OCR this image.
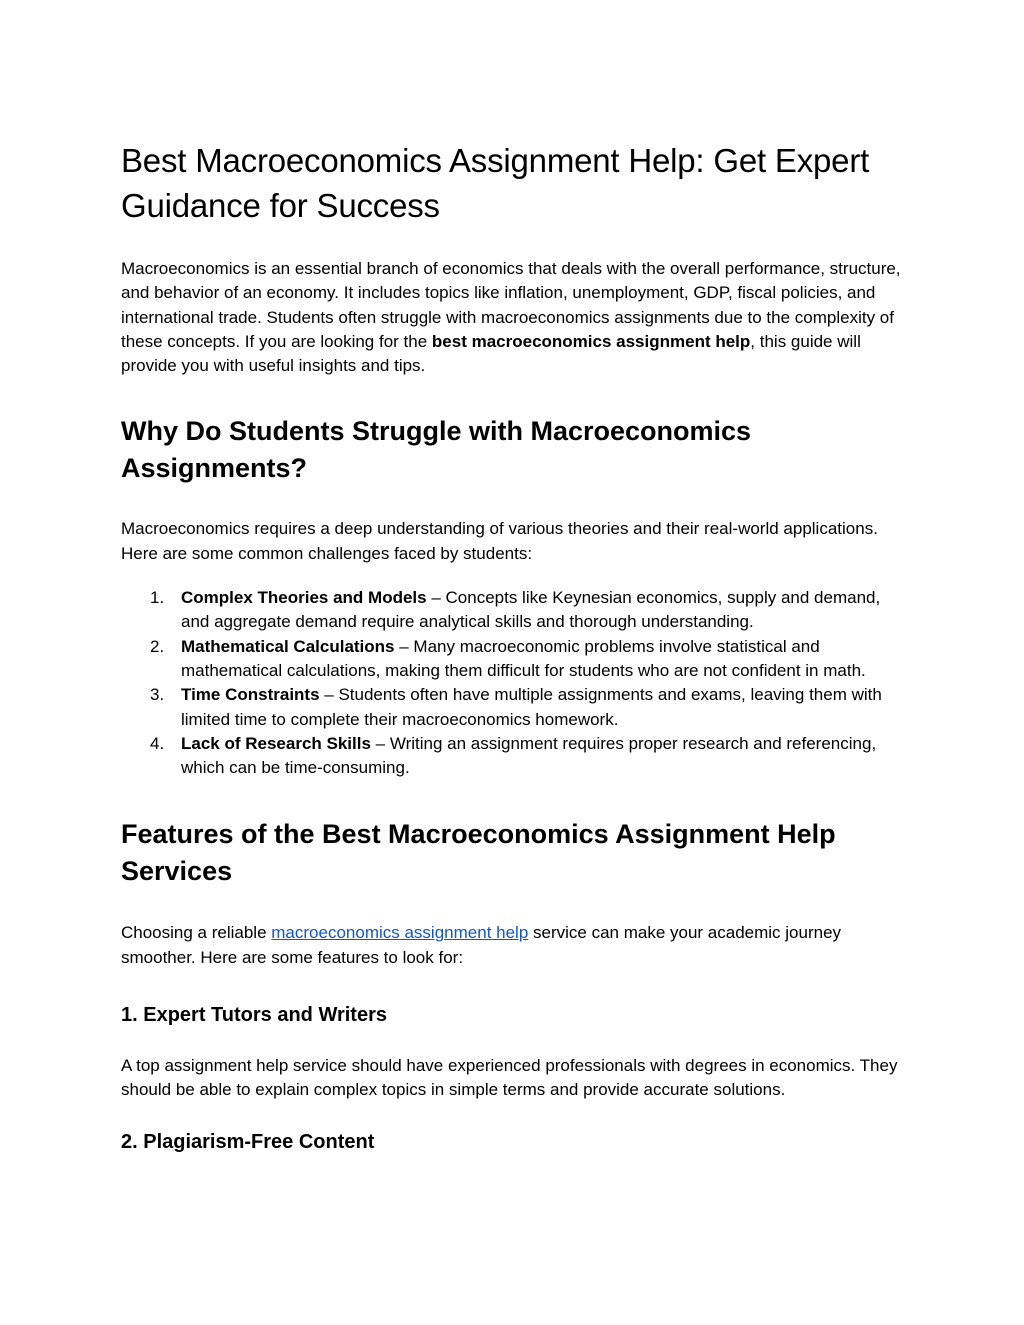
Best Macroeconomics Assignment Help: Get Expert Guidance for Success

Macroeconomics is an essential branch of economics that deals with the overall performance, structure, and behavior of an economy. It includes topics like inflation, unemployment, GDP, fiscal policies, and international trade. Students often struggle with macroeconomics assignments due to the complexity of these concepts. If you are looking for the best macroeconomics assignment help, this guide will provide you with useful insights and tips.

Why Do Students Struggle with Macroeconomics Assignments?

Macroeconomics requires a deep understanding of various theories and their real-world applications. Here are some common challenges faced by students:

1. Complex Theories and Models – Concepts like Keynesian economics, supply and demand, and aggregate demand require analytical skills and thorough understanding.
2. Mathematical Calculations – Many macroeconomic problems involve statistical and mathematical calculations, making them difficult for students who are not confident in math.
3. Time Constraints – Students often have multiple assignments and exams, leaving them with limited time to complete their macroeconomics homework.
4. Lack of Research Skills – Writing an assignment requires proper research and referencing, which can be time-consuming.
Features of the Best Macroeconomics Assignment Help Services

Choosing a reliable macroeconomics assignment help service can make your academic journey smoother. Here are some features to look for:

1. Expert Tutors and Writers

A top assignment help service should have experienced professionals with degrees in economics. They should be able to explain complex topics in simple terms and provide accurate solutions.

2. Plagiarism-Free Content
